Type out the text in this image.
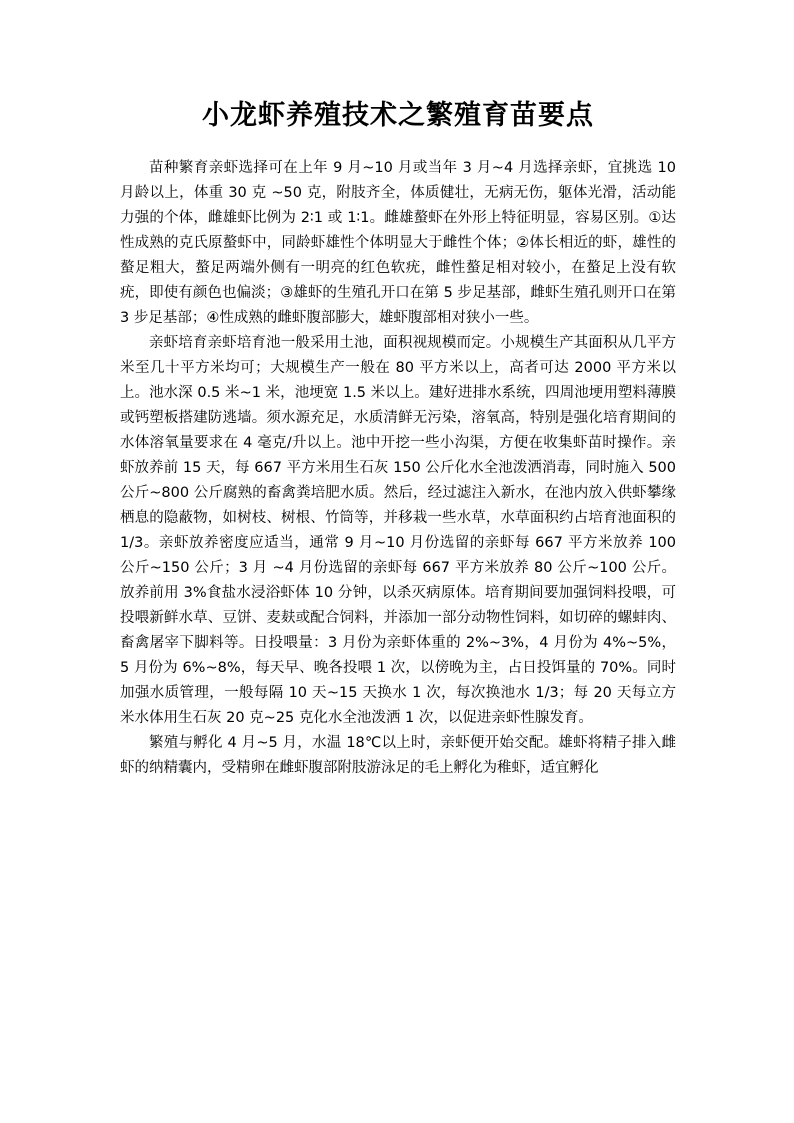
小龙虾养殖技术之繁殖育苗要点

苗种繁育亲虾选择可在上年 9 月~10 月或当年 3 月~4 月选择亲虾，宜挑选 10 月龄以上，体重 30 克 ~50 克，附肢齐全，体质健壮，无病无伤，躯体光滑，活动能力强的个体，雌雄虾比例为 2∶1 或 1∶1。雌雄螯虾在外形上特征明显，容易区别。①达性成熟的克氏原螯虾中，同龄虾雄性个体明显大于雌性个体；②体长相近的虾，雄性的螯足粗大，螯足两端外侧有一明亮的红色软疣，雌性螯足相对较小，在螯足上没有软疣，即使有颜色也偏淡；③雄虾的生殖孔开口在第 5 步足基部，雌虾生殖孔则开口在第 3 步足基部；④性成熟的雌虾腹部膨大，雄虾腹部相对狭小一些。

亲虾培育亲虾培育池一般采用土池，面积视规模而定。小规模生产其面积从几平方米至几十平方米均可；大规模生产一般在 80 平方米以上，高者可达 2000 平方米以上。池水深 0.5 米~1 米，池埂宽 1.5 米以上。建好进排水系统，四周池埂用塑料薄膜或钙塑板搭建防逃墙。须水源充足，水质清鲜无污染，溶氧高，特别是强化培育期间的水体溶氧量要求在 4 毫克/升以上。池中开挖一些小沟渠，方便在收集虾苗时操作。亲虾放养前 15 天，每 667 平方米用生石灰 150 公斤化水全池泼洒消毒，同时施入 500 公斤~800 公斤腐熟的畜禽粪培肥水质。然后，经过滤注入新水，在池内放入供虾攀缘栖息的隐蔽物，如树枝、树根、竹筒等，并移栽一些水草，水草面积约占培育池面积的 1/3。亲虾放养密度应适当，通常 9 月~10 月份选留的亲虾每 667 平方米放养 100 公斤~150 公斤；3 月 ~4 月份选留的亲虾每 667 平方米放养 80 公斤~100 公斤。放养前用 3%食盐水浸浴虾体 10 分钟，以杀灭病原体。培育期间要加强饲料投喂，可投喂新鲜水草、豆饼、麦麸或配合饲料，并添加一部分动物性饲料，如切碎的螺蚌肉、畜禽屠宰下脚料等。日投喂量：3 月份为亲虾体重的 2%~3%，4 月份为 4%~5%， 5 月份为 6%~8%，每天早、晚各投喂 1 次，以傍晚为主，占日投饵量的 70%。同时加强水质管理，一般每隔 10 天~15 天换水 1 次，每次换池水 1/3；每 20 天每立方米水体用生石灰 20 克~25 克化水全池泼洒 1 次，以促进亲虾性腺发育。

繁殖与孵化 4 月~5 月，水温 18℃以上时，亲虾便开始交配。雄虾将精子排入雌虾的纳精囊内，受精卵在雌虾腹部附肢游泳足的毛上孵化为稚虾，适宜孵化
